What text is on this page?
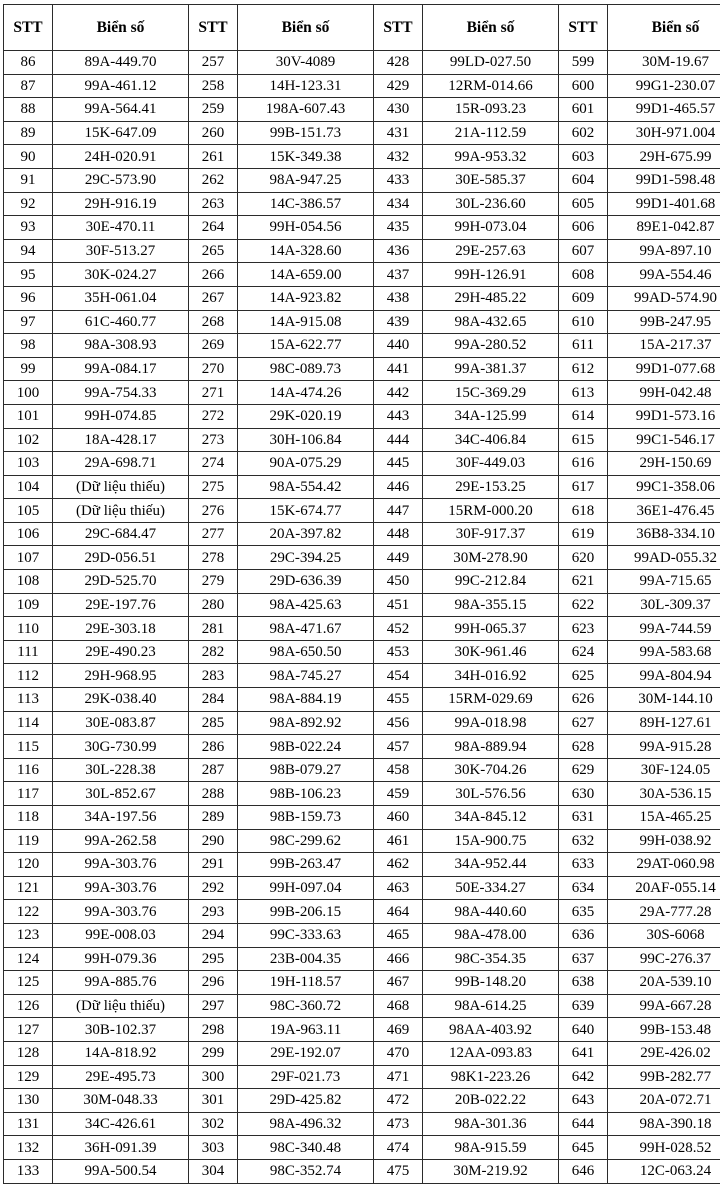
STT	Biển số	STT	Biển số	STT	Biển số	STT	Biển số
86	89A-449.70	257	30V-4089	428	99LD-027.50	599	30M-19.67
87	99A-461.12	258	14H-123.31	429	12RM-014.66	600	99G1-230.07
88	99A-564.41	259	198A-607.43	430	15R-093.23	601	99D1-465.57
89	15K-647.09	260	99B-151.73	431	21A-112.59	602	30H-971.004
90	24H-020.91	261	15K-349.38	432	99A-953.32	603	29H-675.99
91	29C-573.90	262	98A-947.25	433	30E-585.37	604	99D1-598.48
92	29H-916.19	263	14C-386.57	434	30L-236.60	605	99D1-401.68
93	30E-470.11	264	99H-054.56	435	99H-073.04	606	89E1-042.87
94	30F-513.27	265	14A-328.60	436	29E-257.63	607	99A-897.10
95	30K-024.27	266	14A-659.00	437	99H-126.91	608	99A-554.46
96	35H-061.04	267	14A-923.82	438	29H-485.22	609	99AD-574.90
97	61C-460.77	268	14A-915.08	439	98A-432.65	610	99B-247.95
98	98A-308.93	269	15A-622.77	440	99A-280.52	611	15A-217.37
99	99A-084.17	270	98C-089.73	441	99A-381.37	612	99D1-077.68
100	99A-754.33	271	14A-474.26	442	15C-369.29	613	99H-042.48
101	99H-074.85	272	29K-020.19	443	34A-125.99	614	99D1-573.16
102	18A-428.17	273	30H-106.84	444	34C-406.84	615	99C1-546.17
103	29A-698.71	274	90A-075.29	445	30F-449.03	616	29H-150.69
104	(Dữ liệu thiếu)	275	98A-554.42	446	29E-153.25	617	99C1-358.06
105	(Dữ liệu thiếu)	276	15K-674.77	447	15RM-000.20	618	36E1-476.45
106	29C-684.47	277	20A-397.82	448	30F-917.37	619	36B8-334.10
107	29D-056.51	278	29C-394.25	449	30M-278.90	620	99AD-055.32
108	29D-525.70	279	29D-636.39	450	99C-212.84	621	99A-715.65
109	29E-197.76	280	98A-425.63	451	98A-355.15	622	30L-309.37
110	29E-303.18	281	98A-471.67	452	99H-065.37	623	99A-744.59
111	29E-490.23	282	98A-650.50	453	30K-961.46	624	99A-583.68
112	29H-968.95	283	98A-745.27	454	34H-016.92	625	99A-804.94
113	29K-038.40	284	98A-884.19	455	15RM-029.69	626	30M-144.10
114	30E-083.87	285	98A-892.92	456	99A-018.98	627	89H-127.61
115	30G-730.99	286	98B-022.24	457	98A-889.94	628	99A-915.28
116	30L-228.38	287	98B-079.27	458	30K-704.26	629	30F-124.05
117	30L-852.67	288	98B-106.23	459	30L-576.56	630	30A-536.15
118	34A-197.56	289	98B-159.73	460	34A-845.12	631	15A-465.25
119	99A-262.58	290	98C-299.62	461	15A-900.75	632	99H-038.92
120	99A-303.76	291	99B-263.47	462	34A-952.44	633	29AT-060.98
121	99A-303.76	292	99H-097.04	463	50E-334.27	634	20AF-055.14
122	99A-303.76	293	99B-206.15	464	98A-440.60	635	29A-777.28
123	99E-008.03	294	99C-333.63	465	98A-478.00	636	30S-6068
124	99H-079.36	295	23B-004.35	466	98C-354.35	637	99C-276.37
125	99A-885.76	296	19H-118.57	467	99B-148.20	638	20A-539.10
126	(Dữ liệu thiếu)	297	98C-360.72	468	98A-614.25	639	99A-667.28
127	30B-102.37	298	19A-963.11	469	98AA-403.92	640	99B-153.48
128	14A-818.92	299	29E-192.07	470	12AA-093.83	641	29E-426.02
129	29E-495.73	300	29F-021.73	471	98K1-223.26	642	99B-282.77
130	30M-048.33	301	29D-425.82	472	20B-022.22	643	20A-072.71
131	34C-426.61	302	98A-496.32	473	98A-301.36	644	98A-390.18
132	36H-091.39	303	98C-340.48	474	98A-915.59	645	99H-028.52
133	99A-500.54	304	98C-352.74	475	30M-219.92	646	12C-063.24
